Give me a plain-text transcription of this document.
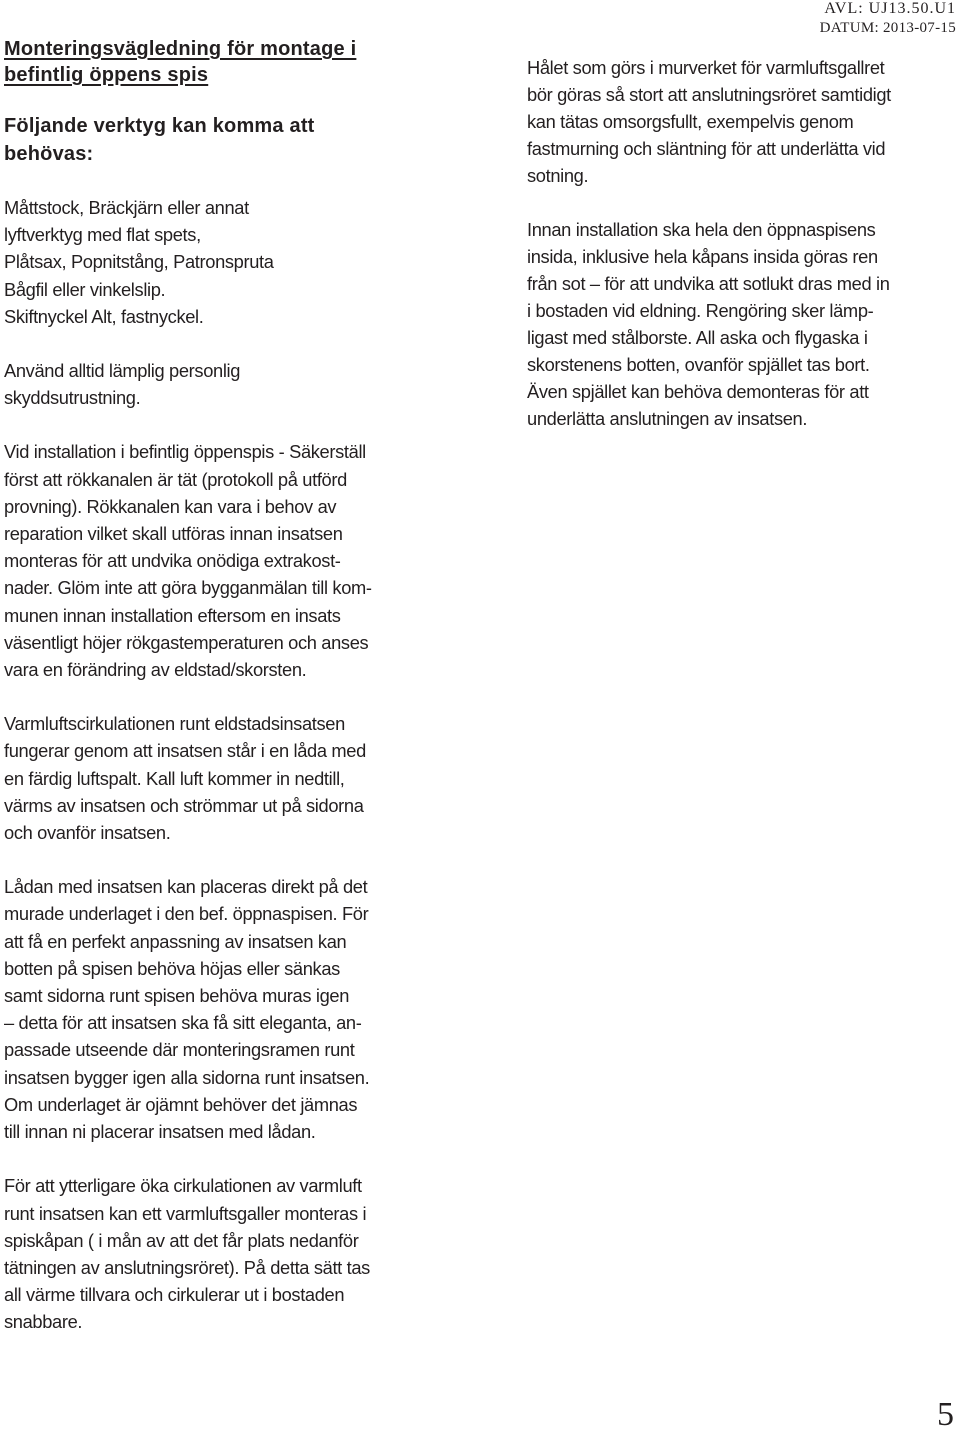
AVL: UJ13.50.U1
DATUM: 2013-07-15
Monteringsvägledning för montage i befintlig öppens spis
Följande verktyg kan komma att behövas:

Måttstock, Bräckjärn eller annat
lyftverktyg med flat spets,
Plåtsax, Popnitstång, Patronspruta
Bågfil eller vinkelslip.
Skiftnyckel Alt, fastnyckel.

Använd alltid lämplig personlig
skyddsutrustning.

Vid installation i befintlig öppenspis - Säkerställ
först att rökkanalen är tät (protokoll på utförd
provning). Rökkanalen kan vara i behov av
reparation vilket skall utföras innan insatsen
monteras för att undvika onödiga extrakost-
nader. Glöm inte att göra bygganmälan till kom-
munen innan installation eftersom en insats
väsentligt höjer rökgastemperaturen och anses
vara en förändring av eldstad/skorsten.

Varmluftscirkulationen runt eldstadsinsatsen
fungerar genom att insatsen står i en låda med
en färdig luftspalt. Kall luft kommer in nedtill,
värms av insatsen och strömmar ut på sidorna
och ovanför insatsen.

Lådan med insatsen kan placeras direkt på det
murade underlaget i den bef. öppnaspisen. För
att få en perfekt anpassning av insatsen kan
botten på spisen behöva höjas eller sänkas
samt sidorna runt spisen behöva muras igen
– detta för att insatsen ska få sitt eleganta, an-
passade utseende där monteringsramen runt
insatsen bygger igen alla sidorna runt insatsen.
Om underlaget är ojämnt behöver det jämnas
till innan ni placerar insatsen med lådan.

För att ytterligare öka cirkulationen av varmluft
runt insatsen kan ett varmluftsgaller monteras i
spiskåpan ( i mån av att det får plats nedanför
tätningen av anslutningsröret). På detta sätt tas
all värme tillvara och cirkulerar ut i bostaden
snabbare.

Hålet som görs i murverket för varmluftsgallret
bör göras så stort att anslutningsröret samtidigt
kan tätas omsorgsfullt, exempelvis genom
fastmurning och släntning för att underlätta vid
sotning.

Innan installation ska hela den öppnaspisens
insida, inklusive hela kåpans insida göras ren
från sot – för att undvika att sotlukt dras med in
i bostaden vid eldning. Rengöring sker lämp-
ligast med stålborste. All aska och flygaska i
skorstenens botten, ovanför spjället tas bort.
Även spjället kan behöva demonteras för att
underlätta anslutningen av insatsen.

5
